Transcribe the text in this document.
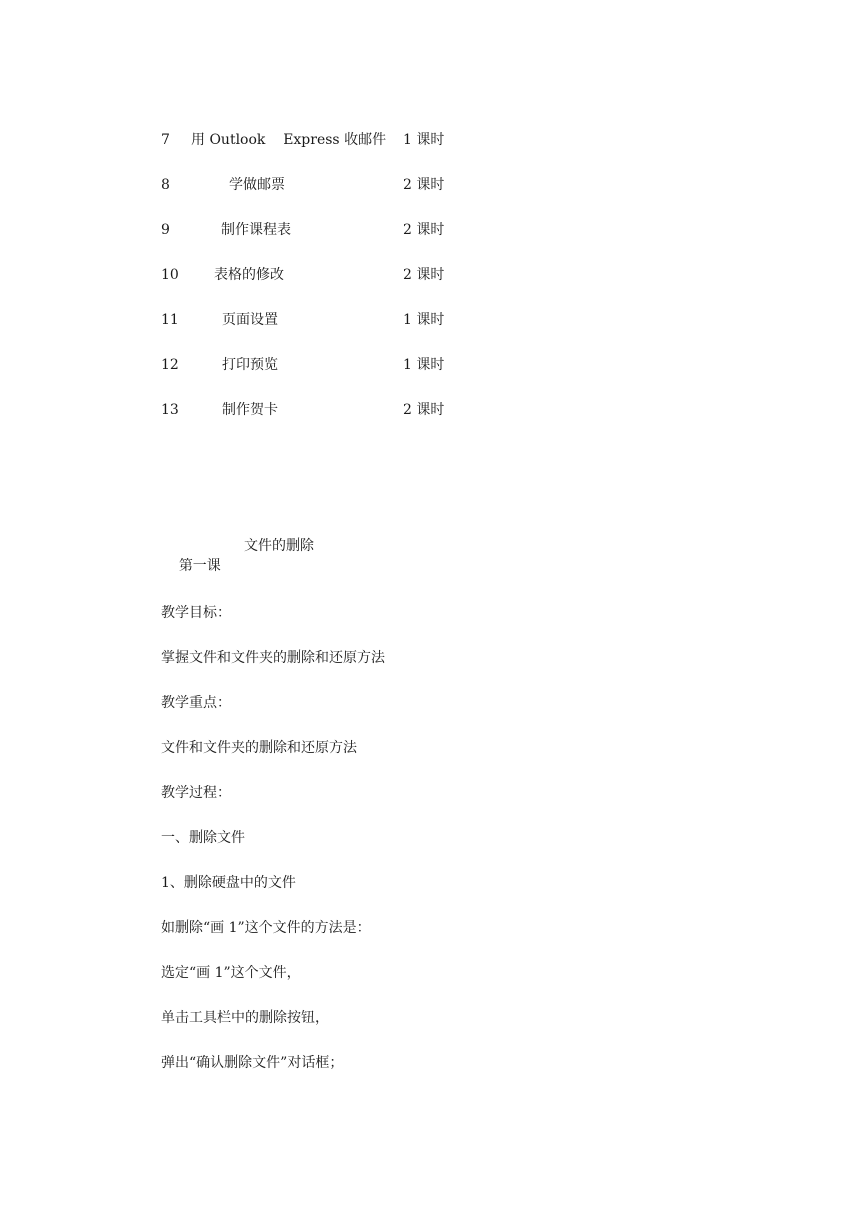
7 用 Outlook    Express 收邮件 1 课时
8	学做邮票	2 课时
9	制作课程表	2 课时
10	表格的修改	2 课时
11	页面设置	1 课时
12	打印预览	1 课时
13	制作贺卡	2 课时

第一课

文件的删除

教学目标：
掌握文件和文件夹的删除和还原方法
教学重点：
文件和文件夹的删除和还原方法
教学过程：
一、删除文件
1、删除硬盘中的文件
如删除“画 1”这个文件的方法是：
选定“画 1”这个文件，
单击工具栏中的删除按钮，
弹出“确认删除文件”对话框；
